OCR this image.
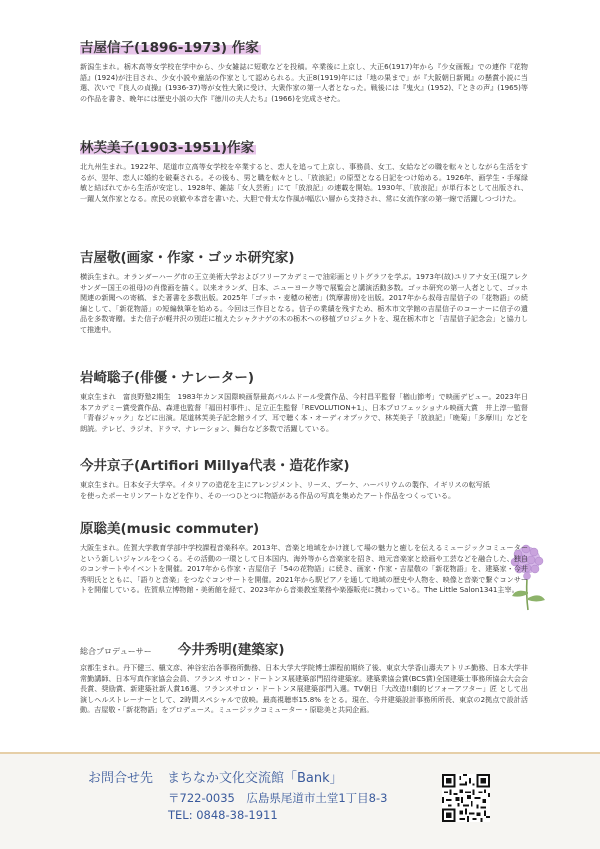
吉屋信子(1896-1973) 作家

新潟生まれ。栃木高等女学校在学中から、少女雑誌に短歌などを投稿。卒業後に上京し、大正6(1917)年から『少女画報』での連作『花物語』(1924)が注目され、少女小説や童話の作家として認められる。大正8(1919)年には「地の果まで」が『大阪朝日新聞』の懸賞小説に当選、次いで『良人の貞操』(1936-37)等が女性大衆に受け、大衆作家の第一人者となった。戦後には『鬼火』(1952)、『ときの声』(1965)等の作品を書き、晩年には歴史小説の大作『徳川の夫人たち』(1966)を完成させた。

林芙美子(1903-1951)作家

北九州生まれ。1922年、尾道市立高等女学校を卒業すると、恋人を追って上京し、事務員、女工、女給などの職を転々としながら生活をするが、翌年、恋人に婚約を破棄される。その後も、男と職を転々とし、「放浪記」の原型となる日記をつけ始める。1926年、画学生・手塚緑敏と結ばれてから生活が安定し、1928年、雑誌「女人芸術」にて「放浪記」の連載を開始。1930年、「放浪記」が単行本として出版され、一躍人気作家となる。庶民の哀歓や本音を書いた、大胆で骨太な作風が幅広い層から支持され、常に女流作家の第一線で活躍しつづけた。

吉屋敬(画家・作家・ゴッホ研究家)

横浜生まれ。オランダーハーグ市の王立美術大学およびフリーアカデミーで油彩画とリトグラフを学ぶ。1973年(故)ユリアナ女王(現アレクサンダー国王の祖母)の肖像画を描く。以来オランダ、日本、ニューヨーク等で展覧会と講演活動多数。ゴッホ研究の第一人者として、ゴッホ関連の新聞への寄稿、また著書を多数出版。2025年「ゴッホ・麦穂の秘密」(筑摩書房)を出版。2017年から叔母吉屋信子の「花物語」の続編として、「新花物語」の短編執筆を始める。今回は三作目となる。信子の業績を残すため、栃木市文学館の吉屋信子のコーナーに信子の遺品を多数寄贈。また信子が軽井沢の別荘に植えたシャクナゲの木の栃木への移植プロジェクトを、現在栃木市と「吉屋信子記念会」と協力して推進中。

岩崎聡子(俳優・ナレーター)

東京生まれ　富良野塾2期生　1983年カンヌ国際映画祭最高パルムドール受賞作品、今村昌平監督「楢山節考」で映画デビュー。2023年日本アカデミー賞受賞作品、森達也監督「福田村事件」、足立正生監督「REVOLUTION+1」、日本プロフェッショナル映画大賞　井上淳一監督「青春ジャック」などに出演。尾道林芙美子記念館ライブ、耳で聴く本・オーディオブックで、林芙美子「放浪記」「晩菊」「多摩川」などを朗読。テレビ、ラジオ、ドラマ、ナレーション、舞台など多数で活躍している。

今井京子(Artifiori Millya代表・造花作家)

東京生まれ。日本女子大学卒。イタリアの造花を主にアレンジメント、リース、ブーケ、ハーバリウムの製作、イギリスの転写紙を使ったポーセリンアートなどを作り、その一つひとつに物語がある作品の写真を集めたアート作品をつくっている。

原聡美(music commuter)

大阪生まれ。佐賀大学教育学部中学校課程音楽科卒。2013年、音楽と地域をかけ渡して場の魅力と癒しを伝えるミュージックコミューターという新しいジャンルをつくる。その活動の一環として日本国内、海外等から音楽家を招き、地元音楽家と絵画や工芸などを融合した、独自のコンサートやイベントを開催。2017年から作家・吉屋信子「54の花物語」に続き、画家・作家・吉屋敬の「新花物語」を、建築家・今井秀明氏とともに、「語りと音楽」をつなぐコンサートを開催。2021年から駅ピアノを通して地域の歴史や人物を、映像と音楽で繋ぐコンサートを開催している。佐賀県立博物館・美術館を経て、2023年から音楽教室業務や楽器販売に携わっている。The Little Salon1341主宰。

総合プロデューサー 今井秀明(建築家)

京都生まれ。丹下健三、槇文彦、神谷宏治各事務所勤務、日本大学大学院博士課程前期終了後、東京大学香山壽夫アトリエ勤務、日本大学非常勤講師、日本写真作家協会会員、フランス サロン・ドートンヌ展建築部門招待建築家。建築業協会賞(BCS賞)全国建築士事務所協会大会会長賞、奨励賞、新建築社新人賞16選、フランスサロン・ドートンヌ展建築部門入選。TV朝日「大改造!!劇的ビフォーアフター」匠 として出演しヘルストレーナーとして、2時間スペシャルで放映。最高視聴率15.8% をとる。現在、今井建築設計事務所所長、東京の2拠点で設計活動。吉屋敬・「新花物語」をプロデュース。ミュージックコミューター・原聡美と共同企画。

お問合せ先 まちなか文化交流館「Bank」
〒722-0035　広島県尾道市土堂1丁目8-3
TEL: 0848-38-1911
